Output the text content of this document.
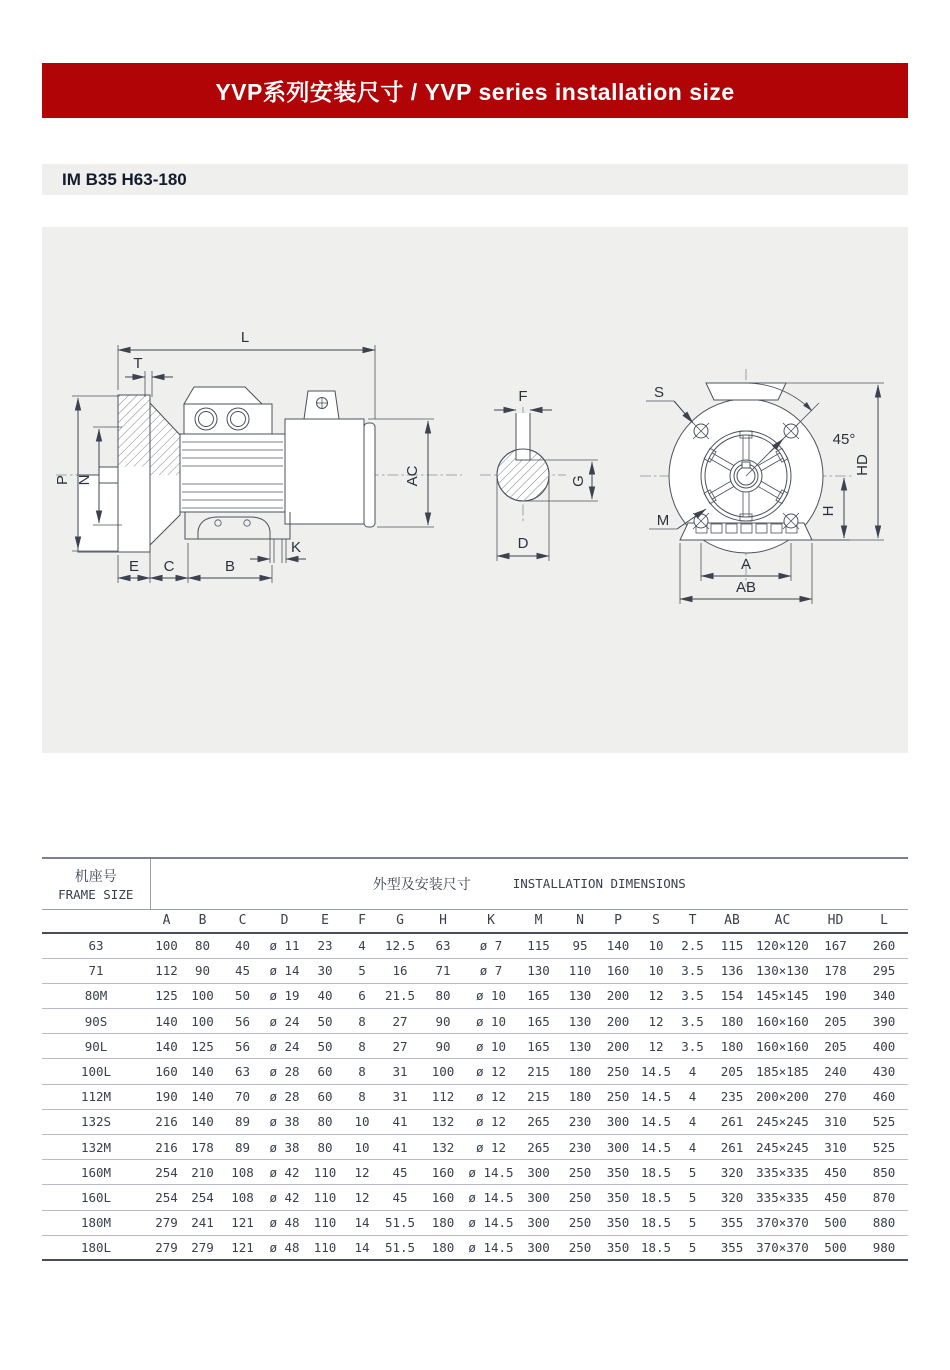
YVP系列安装尺寸 / YVP series installation size
IM B35 H63-180
L
T
P N	AC
E C	B
K
F
G
D
45°
S
M
HD
H
A
AB
机座号
FRAME SIZE

外型及安装尺寸	INSTALLATION DIMENSIONS

	A	B	C	D	E	F	G	H	K	M	N	P	S	T	AB	AC	HD	L
63	100	80	40	ø 11	23	4	12.5	63	ø 7	115	95	140	10	2.5	115	120×120	167	260
71	112	90	45	ø 14	30	5	16	71	ø 7	130	110	160	10	3.5	136	130×130	178	295
80M	125	100	50	ø 19	40	6	21.5	80	ø 10	165	130	200	12	3.5	154	145×145	190	340
90S	140	100	56	ø 24	50	8	27	90	ø 10	165	130	200	12	3.5	180	160×160	205	390
90L	140	125	56	ø 24	50	8	27	90	ø 10	165	130	200	12	3.5	180	160×160	205	400
100L	160	140	63	ø 28	60	8	31	100	ø 12	215	180	250	14.5	4	205	185×185	240	430
112M	190	140	70	ø 28	60	8	31	112	ø 12	215	180	250	14.5	4	235	200×200	270	460
132S	216	140	89	ø 38	80	10	41	132	ø 12	265	230	300	14.5	4	261	245×245	310	525
132M	216	178	89	ø 38	80	10	41	132	ø 12	265	230	300	14.5	4	261	245×245	310	525
160M	254	210	108	ø 42	110	12	45	160	ø 14.5	300	250	350	18.5	5	320	335×335	450	850
160L	254	254	108	ø 42	110	12	45	160	ø 14.5	300	250	350	18.5	5	320	335×335	450	870
180M	279	241	121	ø 48	110	14	51.5	180	ø 14.5	300	250	350	18.5	5	355	370×370	500	880
180L	279	279	121	ø 48	110	14	51.5	180	ø 14.5	300	250	350	18.5	5	355	370×370	500	980
